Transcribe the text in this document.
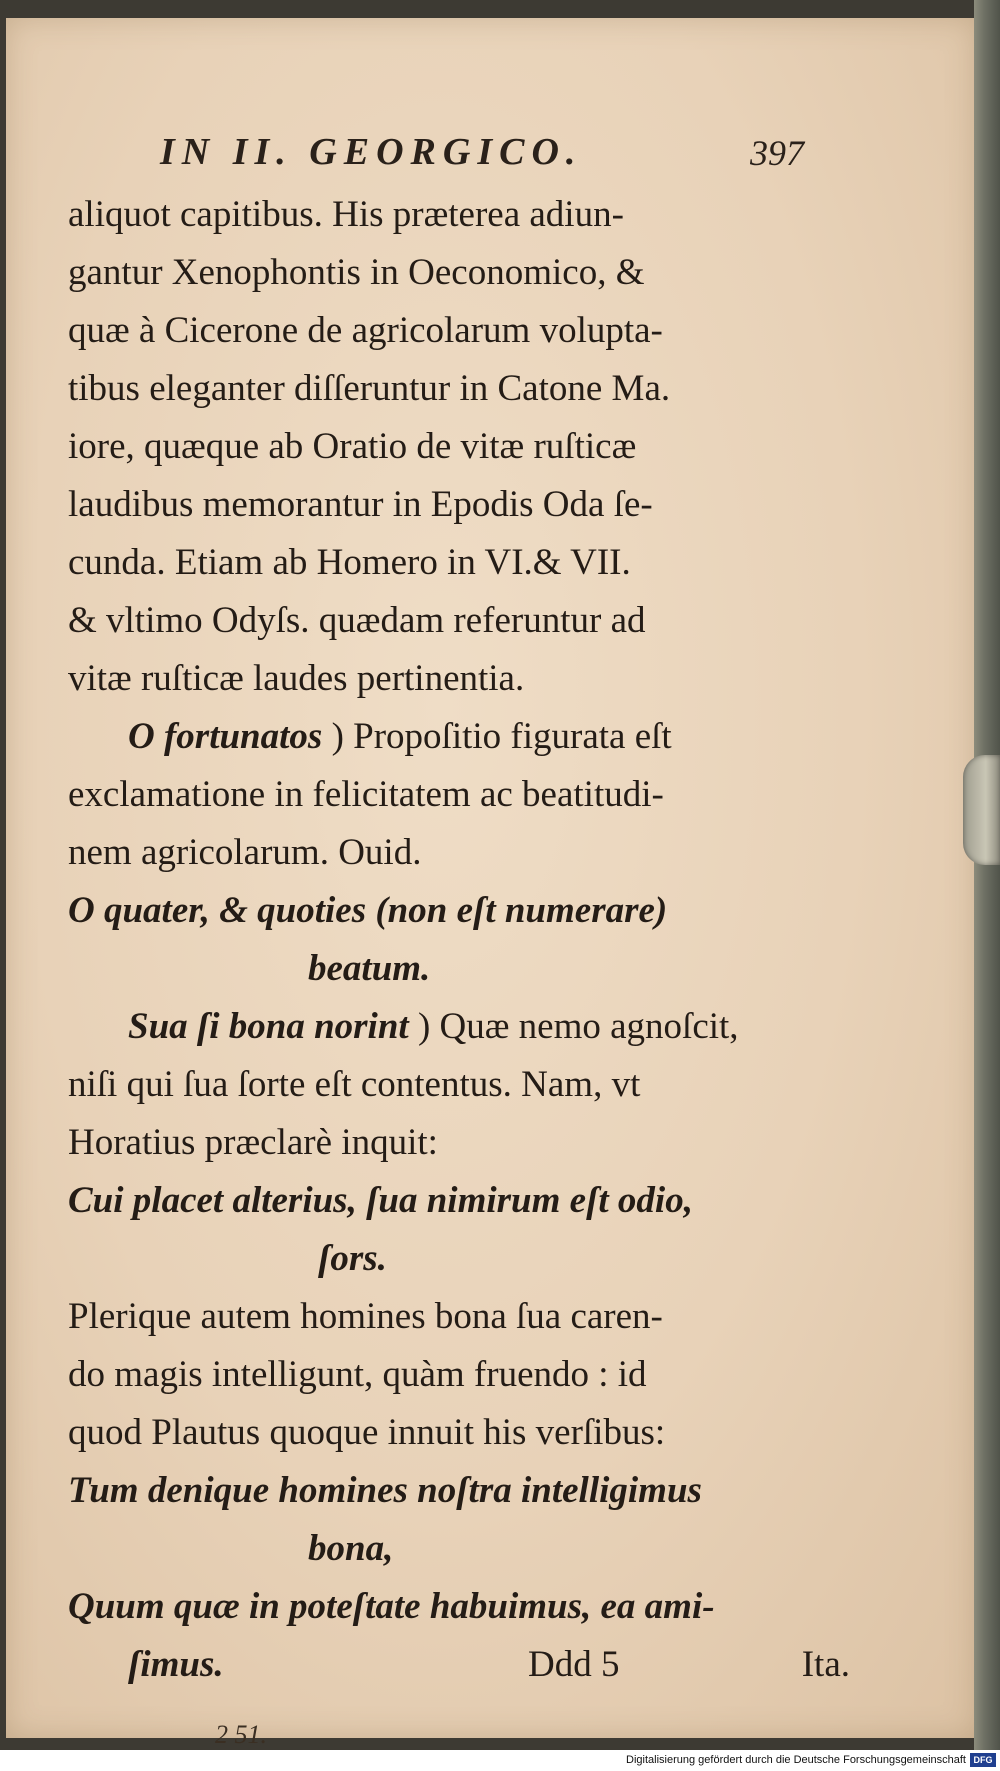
IN II. GEORGICO.	397
aliquot capitibus. His præterea adiun-
gantur Xenophontis in Oeconomico, &
quæ à Cicerone de agricolarum volupta-
tibus eleganter diſſeruntur in Catone Ma.
iore, quæque ab Oratio de vitæ ruſticæ
laudibus memorantur in Epodis Oda ſe-
cunda. Etiam ab Homero in VI.& VII.
& vltimo Odyſs. quædam referuntur ad
vitæ ruſticæ laudes pertinentia.
O fortunatos ) Propoſitio figurata eſt
exclamatione in felicitatem ac beatitudi-
nem agricolarum. Ouid.
O quater, & quoties (non eſt numerare)
beatum.
Sua ſi bona norint ) Quæ nemo agnoſcit,
niſi qui ſua ſorte eſt contentus. Nam, vt
Horatius præclarè inquit:
Cui placet alterius, ſua nimirum eſt odio,
ſors.
Plerique autem homines bona ſua caren-
do magis intelligunt, quàm fruendo : id
quod Plautus quoque innuit his verſibus:
Tum denique homines noſtra intelligimus
bona,
Quum quæ in poteſtate habuimus, ea ami-
ſimus.	Ddd 5	Ita.
2 51.
Digitalisierung gefördert durch die Deutsche Forschungsgemeinschaft DFG
